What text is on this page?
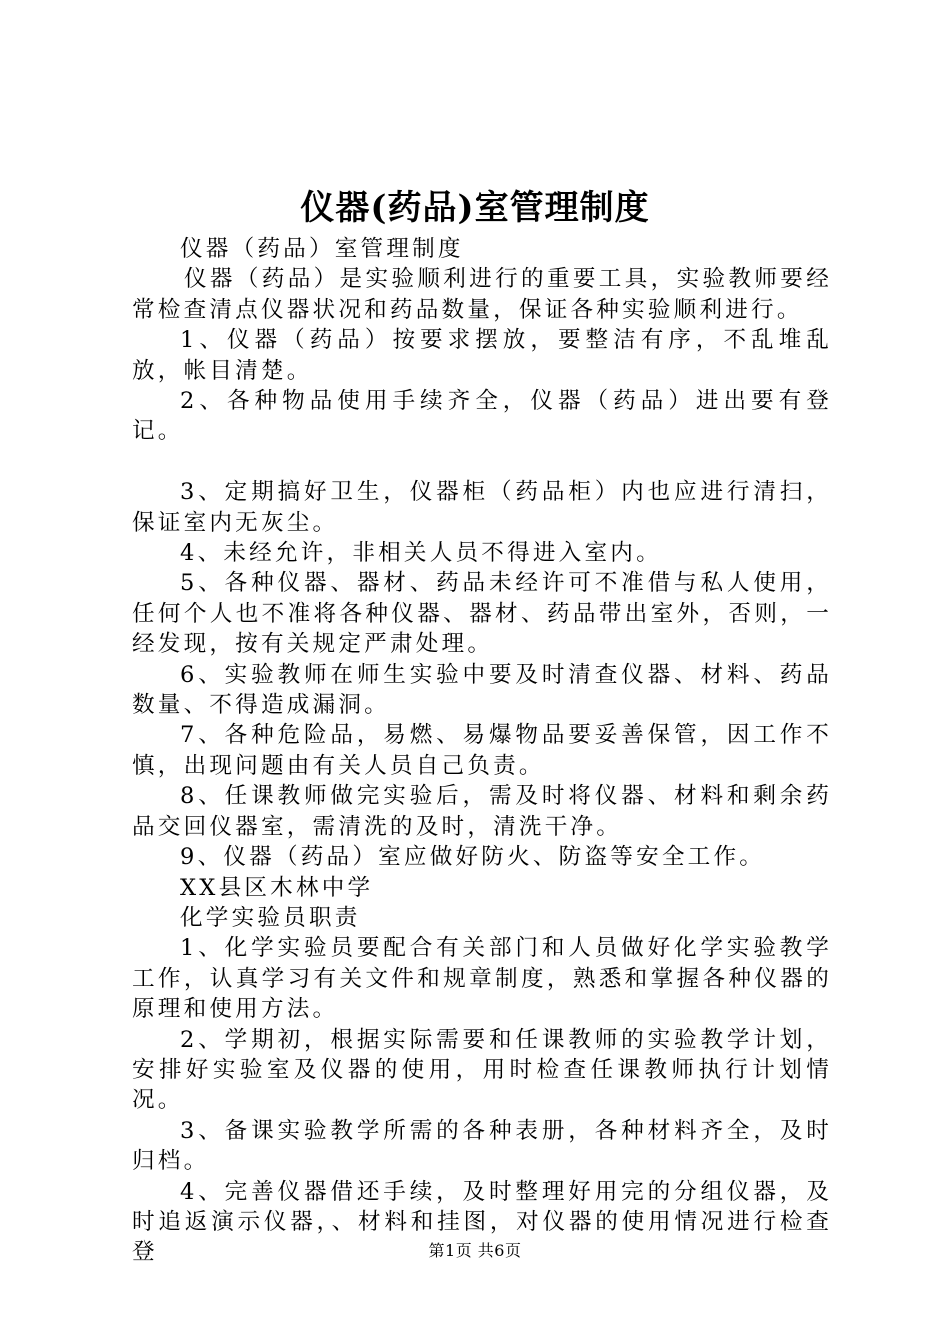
仪器(药品)室管理制度

仪器（药品）室管理制度

仪器（药品）是实验顺利进行的重要工具，实验教师要经常检查清点仪器状况和药品数量，保证各种实验顺利进行。

1、仪器（药品）按要求摆放，要整洁有序，不乱堆乱放，帐目清楚。

2、各种物品使用手续齐全，仪器（药品）进出要有登记。

3、定期搞好卫生，仪器柜（药品柜）内也应进行清扫，保证室内无灰尘。

4、未经允许，非相关人员不得进入室内。

5、各种仪器、器材、药品未经许可不准借与私人使用，任何个人也不准将各种仪器、器材、药品带出室外，否则，一经发现，按有关规定严肃处理。

6、实验教师在师生实验中要及时清查仪器、材料、药品数量、不得造成漏洞。

7、各种危险品，易燃、易爆物品要妥善保管，因工作不慎，出现问题由有关人员自己负责。

8、任课教师做完实验后，需及时将仪器、材料和剩余药品交回仪器室，需清洗的及时，清洗干净。

9、仪器（药品）室应做好防火、防盗等安全工作。

XX县区木林中学

化学实验员职责

1、化学实验员要配合有关部门和人员做好化学实验教学工作，认真学习有关文件和规章制度，熟悉和掌握各种仪器的原理和使用方法。

2、学期初，根据实际需要和任课教师的实验教学计划，安排好实验室及仪器的使用，用时检查任课教师执行计划情况。

3、备课实验教学所需的各种表册，各种材料齐全，及时归档。

4、完善仪器借还手续，及时整理好用完的分组仪器，及时追返演示仪器，、材料和挂图，对仪器的使用情况进行检查登	第1页 共6页
